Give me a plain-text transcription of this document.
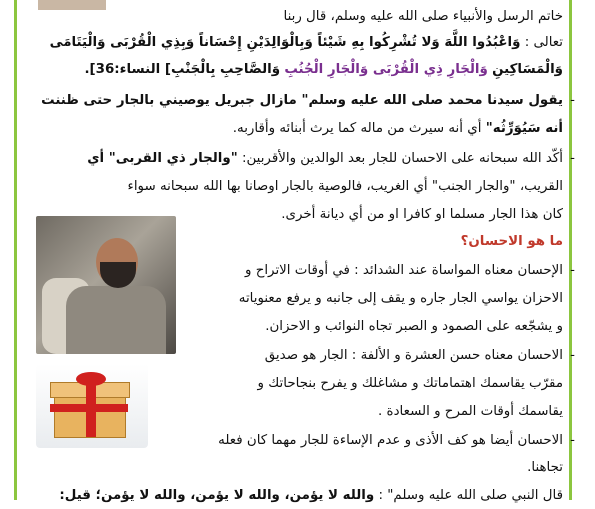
خاتم الرسل والأنبياء صلى الله عليه وسلم، قال ربنا
تعالى : وَاعْبُدُوا اللَّهَ وَلا تُشْرِكُوا بِهِ شَيْئاً وَبِالْوَالِدَيْنِ إِحْسَاناً وَبِذِي الْقُرْبَى وَالْيَتَامَى
وَالْمَسَاكِينِ وَالْجَارِ ذِي الْقُرْبَى وَالْجَارِ الْجُنُبِ وَالصَّاحِبِ بِالْجَنْبِ] النساء:36].
- يقول سيدنا محمد صلى الله عليه وسلم" مازال جبريل يوصيني بالجار حتى ظننت
أنه سَيُوَرِّثُه" أي أنه سيرث من ماله كما يرث أبنائه وأقاربه.
- أكّد الله سبحانه على الاحسان للجار بعد الوالدين والأقربين: "والجار ذي القربى" أي
القريب، "والجار الجنب" أي الغريب، فالوصية بالجار اوصانا بها الله سبحانه سواء
كان هذا الجار مسلما او كافرا او من أي ديانة أخرى.
ما هو الاحسان؟
- الإحسان معناه المواساة عند الشدائد : في أوقات الاتراح و
الاحزان يواسي الجار جاره و يقف إلى جانبه و يرفع معنوياته
و يشجّعه على الصمود و الصبر تجاه النوائب و الاحزان.
- الاحسان معناه حسن العشرة و الألفة : الجار هو صديق
مقرّب يقاسمك اهتماماتك و مشاغلك و يفرح بنجاحاتك و
يقاسمك أوقات المرح و السعادة .
- الاحسان أيضا هو كف الأذى و عدم الإساءة للجار مهما كان فعله
تجاهنا.
قال النبي صلى الله عليه وسلم" : والله لا يؤمن، والله لا يؤمن، والله لا يؤمن؛ قيل:
